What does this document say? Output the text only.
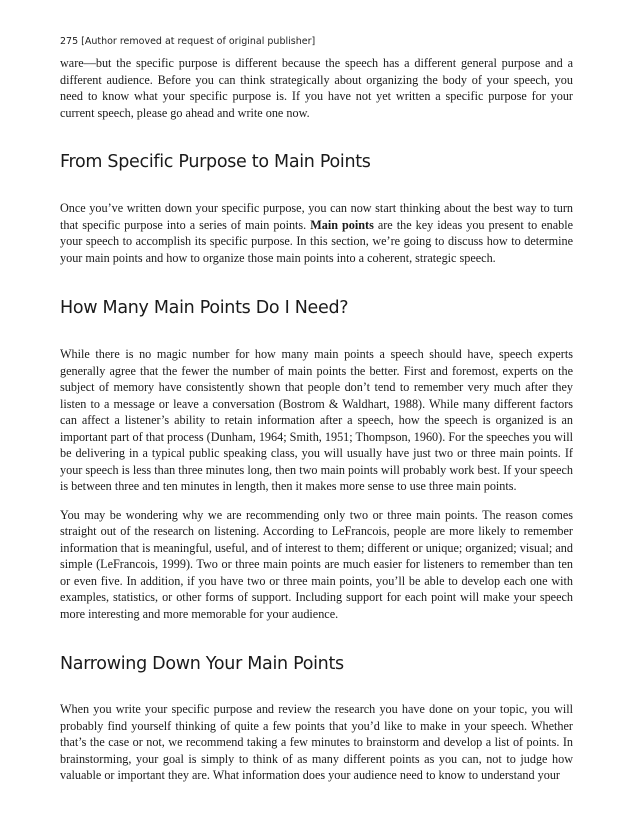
275 [Author removed at request of original publisher]

ware—but the specific purpose is different because the speech has a different general purpose and a different audience. Before you can think strategically about organizing the body of your speech, you need to know what your specific purpose is. If you have not yet written a specific purpose for your current speech, please go ahead and write one now.

From Specific Purpose to Main Points

Once you’ve written down your specific purpose, you can now start thinking about the best way to turn that specific purpose into a series of main points. Main points are the key ideas you present to enable your speech to accomplish its specific purpose. In this section, we’re going to discuss how to determine your main points and how to organize those main points into a coherent, strategic speech.

How Many Main Points Do I Need?

While there is no magic number for how many main points a speech should have, speech experts generally agree that the fewer the number of main points the better. First and foremost, experts on the subject of memory have consistently shown that people don’t tend to remember very much after they listen to a message or leave a conversation (Bostrom & Waldhart, 1988). While many different factors can affect a listener’s ability to retain information after a speech, how the speech is organized is an important part of that process (Dunham, 1964; Smith, 1951; Thompson, 1960). For the speeches you will be delivering in a typical public speaking class, you will usually have just two or three main points. If your speech is less than three minutes long, then two main points will probably work best. If your speech is between three and ten minutes in length, then it makes more sense to use three main points.

You may be wondering why we are recommending only two or three main points. The reason comes straight out of the research on listening. According to LeFrancois, people are more likely to remember information that is meaningful, useful, and of interest to them; different or unique; organized; visual; and simple (LeFrancois, 1999). Two or three main points are much easier for listeners to remember than ten or even five. In addition, if you have two or three main points, you’ll be able to develop each one with examples, statistics, or other forms of support. Including support for each point will make your speech more interesting and more memorable for your audience.

Narrowing Down Your Main Points

When you write your specific purpose and review the research you have done on your topic, you will probably find yourself thinking of quite a few points that you’d like to make in your speech. Whether that’s the case or not, we recommend taking a few minutes to brainstorm and develop a list of points. In brainstorming, your goal is simply to think of as many different points as you can, not to judge how valuable or important they are. What information does your audience need to know to understand your
